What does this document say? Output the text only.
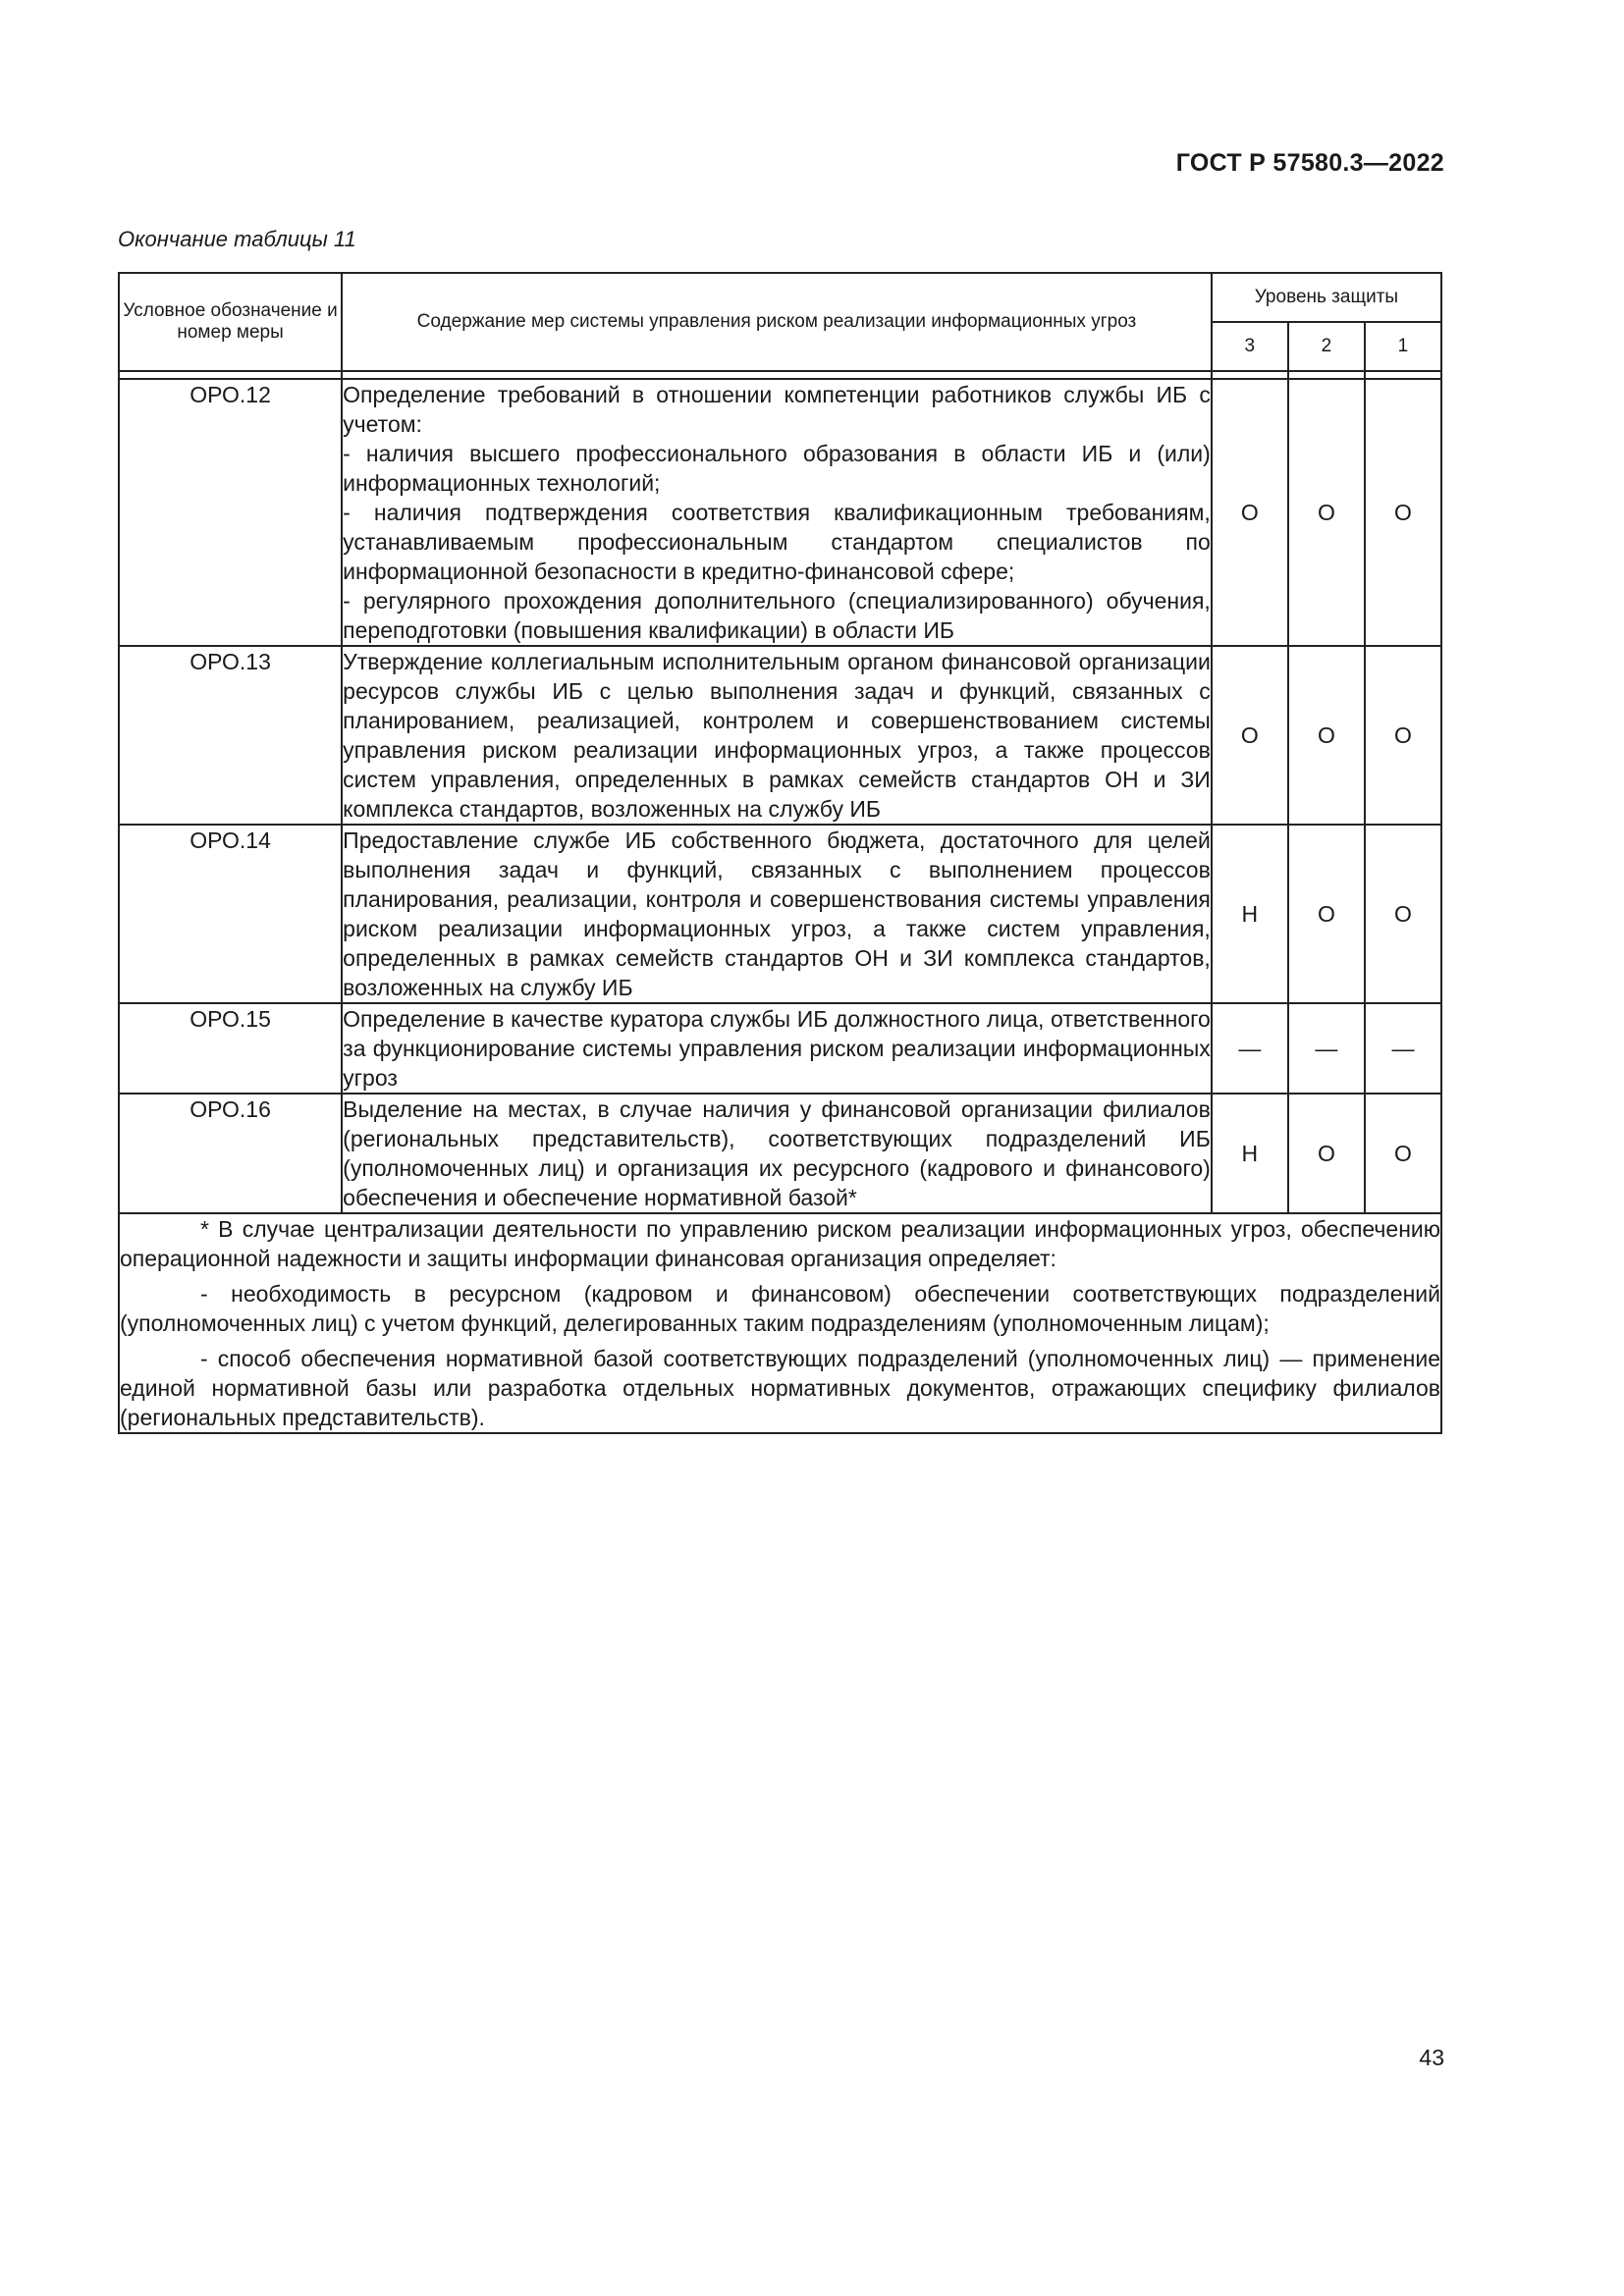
ГОСТ Р 57580.3—2022
Окончание таблицы 11
Условное обозначение и номер меры	Содержание мер системы управления риском реализации информационных угроз	Уровень защиты		
		3	2	1

ОРО.12	Определение требований в отношении компетенции работников службы ИБ с учетом:
- наличия высшего профессионального образования в области ИБ и (или) информационных технологий;
- наличия подтверждения соответствия квалификационным требованиям, устанавливаемым профессиональным стандартом специалистов по информационной безопасности в кредитно-финансовой сфере;
- регулярного прохождения дополнительного (специализированного) обучения, переподготовки (повышения квалификации) в области ИБ	О	О	О
ОРО.13	Утверждение коллегиальным исполнительным органом финансовой организации ресурсов службы ИБ с целью выполнения задач и функций, связанных с планированием, реализацией, контролем и совершенствованием системы управления риском реализации информационных угроз, а также процессов систем управления, определенных в рамках семейств стандартов ОН и ЗИ комплекса стандартов, возложенных на службу ИБ	О	О	О
ОРО.14	Предоставление службе ИБ собственного бюджета, достаточного для целей выполнения задач и функций, связанных с выполнением процессов планирования, реализации, контроля и совершенствования системы управления риском реализации информационных угроз, а также систем управления, определенных в рамках семейств стандартов ОН и ЗИ комплекса стандартов, возложенных на службу ИБ	Н	О	О
ОРО.15	Определение в качестве куратора службы ИБ должностного лица, ответственного за функционирование системы управления риском реализации информационных угроз	—	—	—
ОРО.16	Выделение на местах, в случае наличия у финансовой организации филиалов (региональных представительств), соответствующих подразделений ИБ (уполномоченных лиц) и организация их ресурсного (кадрового и финансового) обеспечения и обеспечение нормативной базой*	Н	О	О

* В случае централизации деятельности по управлению риском реализации информационных угроз, обеспечению операционной надежности и защиты информации финансовая организация определяет:

- необходимость в ресурсном (кадровом и финансовом) обеспечении соответствующих подразделений (уполномоченных лиц) с учетом функций, делегированных таким подразделениям (уполномоченным лицам);

- способ обеспечения нормативной базой соответствующих подразделений (уполномоченных лиц) — применение единой нормативной базы или разработка отдельных нормативных документов, отражающих специфику филиалов (региональных представительств).				

43
